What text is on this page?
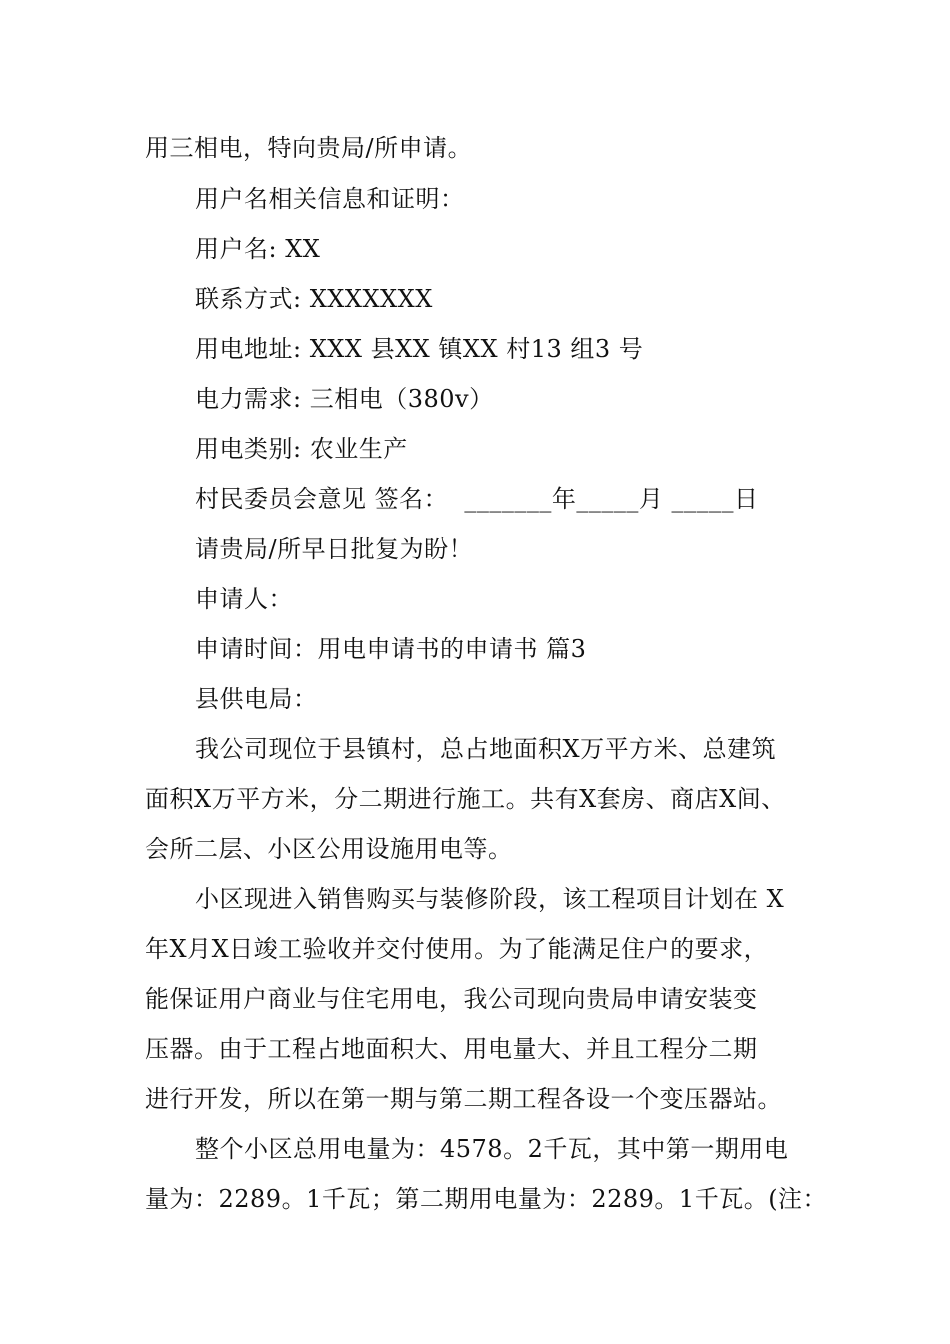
用三相电，特向贵局/所申请。
用户名相关信息和证明：
用户名: XX
联系方式: XXXXXXX
用电地址: XXX 县XX 镇XX 村13 组3 号
电力需求: 三相电（380v）
用电类别: 农业生产
村民委员会意见 签名：  _______年_____月 _____日
请贵局/所早日批复为盼！
申请人：
申请时间：用电申请书的申请书 篇3
县供电局：
我公司现位于县镇村，总占地面积X万平方米、总建筑
面积X万平方米，分二期进行施工。共有X套房、商店X间、
会所二层、小区公用设施用电等。
小区现进入销售购买与装修阶段，该工程项目计划在 X
年X月X日竣工验收并交付使用。为了能满足住户的要求，
能保证用户商业与住宅用电，我公司现向贵局申请安装变
压器。由于工程占地面积大、用电量大、并且工程分二期
进行开发，所以在第一期与第二期工程各设一个变压器站。
整个小区总用电量为：4578。2千瓦，其中第一期用电
量为：2289。1千瓦；第二期用电量为：2289。1千瓦。(注：
